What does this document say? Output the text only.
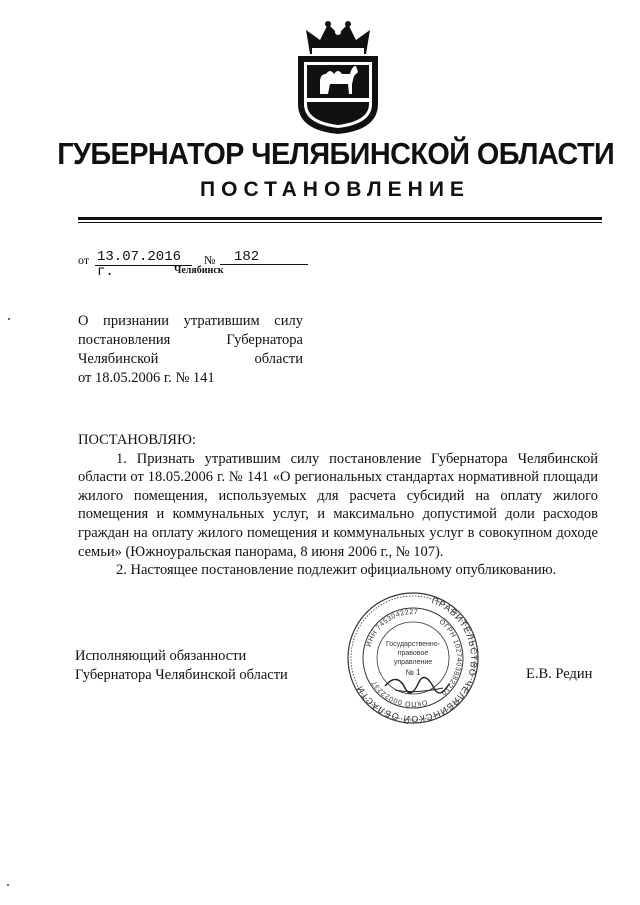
ГУБЕРНАТОР ЧЕЛЯБИНСКОЙ ОБЛАСТИ
ПОСТАНОВЛЕНИЕ
от 13.07.2016 г.
№	182
Челябинск
О признании утратившим силу
постановления Губернатора
Челябинской области
от 18.05.2006 г. № 141

ПОСТАНОВЛЯЮ:

1. Признать утратившим силу постановление Губернатора Челябинской области от 18.05.2006 г. № 141 «О региональных стандартах нормативной площади жилого помещения, используемых для расчета субсидий на оплату жилого помещения и коммунальных услуг, и максимально допустимой доли расходов граждан на оплату жилого помещения и коммунальных услуг в совокупном доходе семьи» (Южноуральская панорама, 8 июня 2006 г., № 107).

2. Настоящее постановление подлежит официальному опубликованию.

Исполняющий обязанности
Губернатора Челябинской области	Е.В. Редин
ПРАВИТЕЛЬСТВО ЧЕЛЯБИНСКОЙ ОБЛАСТИ
ОГРН 1027403882210
ОКПО 00022237
ИНН 7453042227
Государственно-
правовое
управление
№ 1
